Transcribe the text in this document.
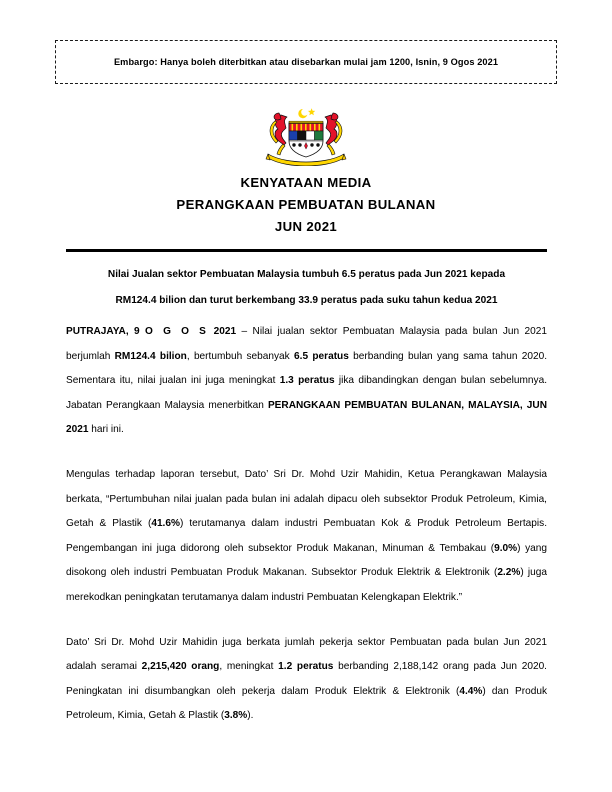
Embargo: Hanya boleh diterbitkan atau disebarkan mulai jam 1200, Isnin, 9 Ogos 2021
KENYATAAN MEDIA
PERANGKAAN PEMBUATAN BULANAN
JUN 2021
Nilai Jualan sektor Pembuatan Malaysia tumbuh 6.5 peratus pada Jun 2021 kepada
RM124.4 bilion dan turut berkembang 33.9 peratus pada suku tahun kedua 2021

PUTRAJAYA, 9 O G O S 2021 – Nilai jualan sektor Pembuatan Malaysia pada bulan Jun 2021 berjumlah RM124.4 bilion, bertumbuh sebanyak 6.5 peratus berbanding bulan yang sama tahun 2020. Sementara itu, nilai jualan ini juga meningkat 1.3 peratus jika dibandingkan dengan bulan sebelumnya. Jabatan Perangkaan Malaysia menerbitkan PERANGKAAN PEMBUATAN BULANAN, MALAYSIA, JUN 2021 hari ini.

Mengulas terhadap laporan tersebut, Dato’ Sri Dr. Mohd Uzir Mahidin, Ketua Perangkawan Malaysia berkata, “Pertumbuhan nilai jualan pada bulan ini adalah dipacu oleh subsektor Produk Petroleum, Kimia, Getah & Plastik (41.6%) terutamanya dalam industri Pembuatan Kok & Produk Petroleum Bertapis. Pengembangan ini juga didorong oleh subsektor Produk Makanan, Minuman & Tembakau (9.0%) yang disokong oleh industri Pembuatan Produk Makanan. Subsektor Produk Elektrik & Elektronik (2.2%) juga merekodkan peningkatan terutamanya dalam industri Pembuatan Kelengkapan Elektrik.”

Dato’ Sri Dr. Mohd Uzir Mahidin juga berkata jumlah pekerja sektor Pembuatan pada bulan Jun 2021 adalah seramai 2,215,420 orang, meningkat 1.2 peratus berbanding 2,188,142 orang pada Jun 2020. Peningkatan ini disumbangkan oleh pekerja dalam Produk Elektrik & Elektronik (4.4%) dan Produk Petroleum, Kimia, Getah & Plastik (3.8%).
